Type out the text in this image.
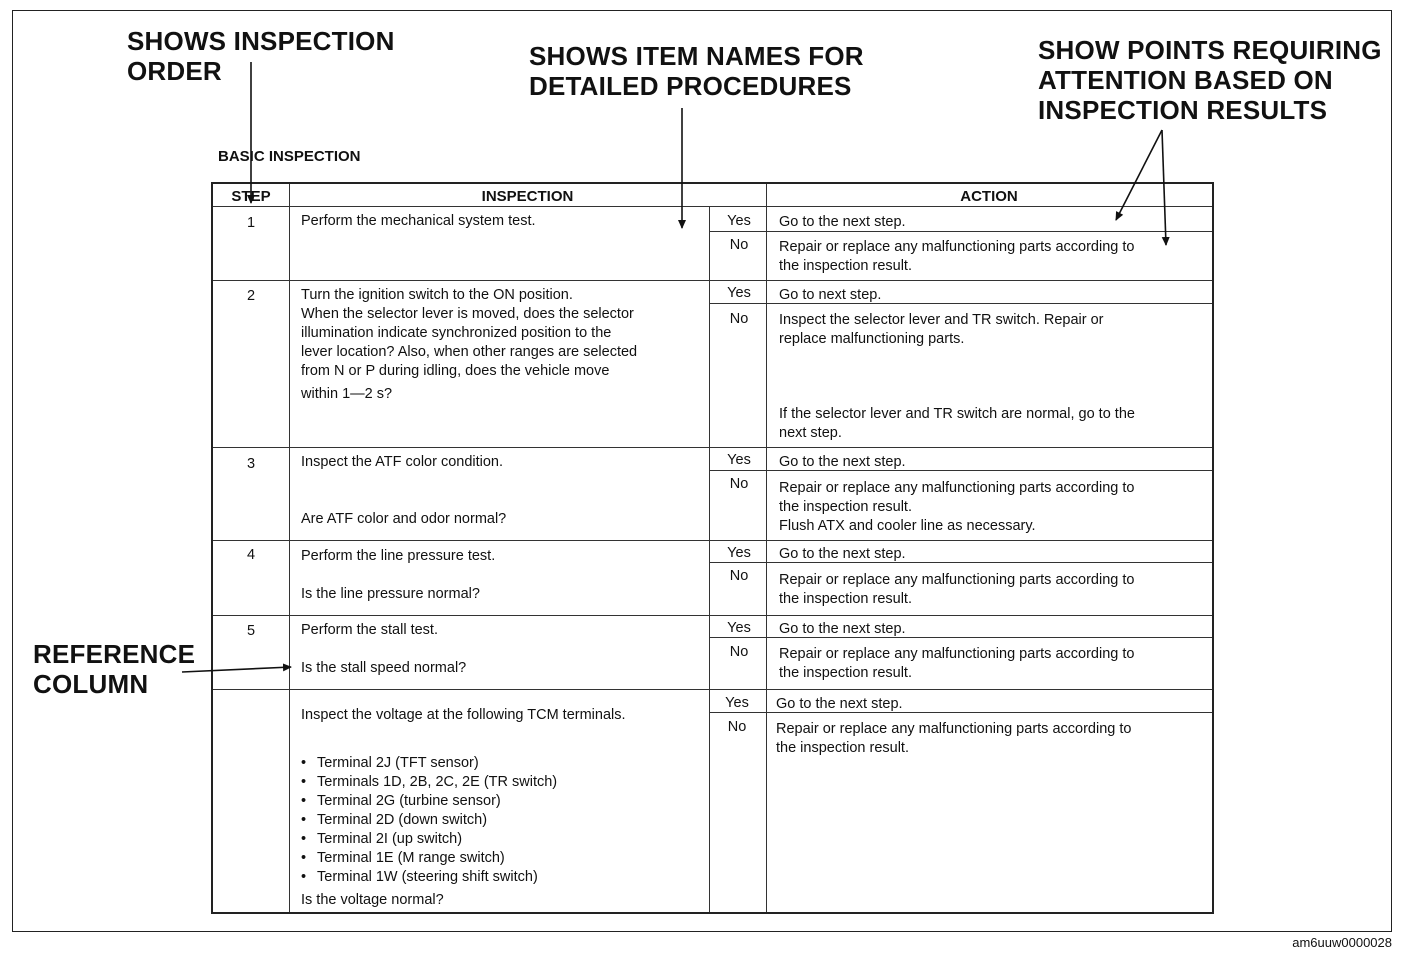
SHOWS INSPECTION
ORDER	SHOWS ITEM NAMES FOR
DETAILED PROCEDURES
SHOW POINTS REQUIRING
ATTENTION BASED ON
INSPECTION RESULTS
REFERENCE
COLUMN
BASIC INSPECTION
STEP	INSPECTION	ACTION
1	Perform the mechanical system test.	Yes	Go to the next step.
No	Repair or replace any malfunctioning parts according to
the inspection result.
2	Turn the ignition switch to the ON position.
When the selector lever is moved, does the selector
illumination indicate synchronized position to the
lever location? Also, when other ranges are selected
from N or P during idling, does the vehicle move
within 1—2 s?
Yes	Go to next step.
No	Inspect the selector lever and TR switch. Repair or
replace malfunctioning parts.
If the selector lever and TR switch are normal, go to the
next step.
3	Inspect the ATF color condition.
Are ATF color and odor normal?
Yes	Go to the next step.
No	Repair or replace any malfunctioning parts according to
the inspection result.
Flush ATX and cooler line as necessary.
4	Perform the line pressure test.
Is the line pressure normal?
Yes	Go to the next step.
No	Repair or replace any malfunctioning parts according to
the inspection result.
5	Perform the stall test.
Is the stall speed normal?
Yes	Go to the next step.
No	Repair or replace any malfunctioning parts according to
the inspection result.
Inspect the voltage at the following TCM terminals.
• Terminal 2J (TFT sensor)
• Terminals 1D, 2B, 2C, 2E (TR switch)
• Terminal 2G (turbine sensor)
• Terminal 2D (down switch)
• Terminal 2I (up switch)
• Terminal 1E (M range switch)
• Terminal 1W (steering shift switch)
Is the voltage normal?
Yes	Go to the next step.
No	Repair or replace any malfunctioning parts according to
the inspection result.
am6uuw0000028
